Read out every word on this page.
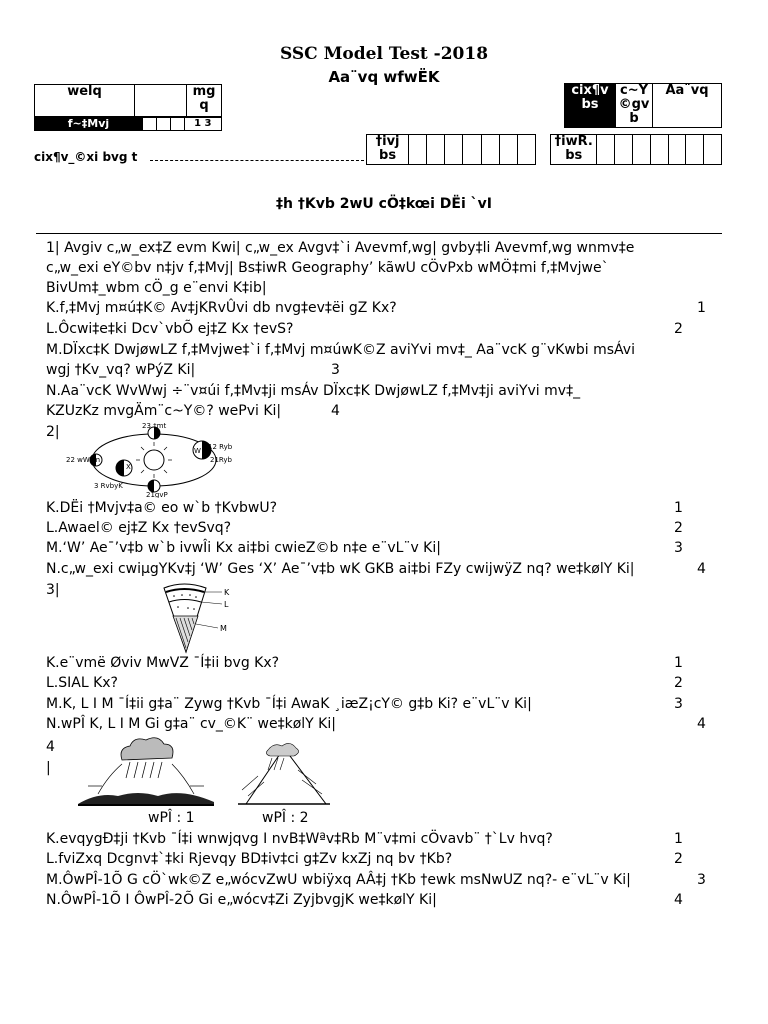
SSC Model Test -2018
Aa¨vq wfwËK
welq		mg q
f~‡Mvj				1 3
cix¶v bs	c~Y ©gv b	Aa¨vq
cix¶v_©xi bvg t
†ivj bs							
†iwR. bs							
‡h †Kvb 2wU cÖ‡kœi DËi `vI
1| Avgiv c„w_ex‡Z evm Kwi| c„w_ex Avgv‡`i Avevmf‚wg| gvby‡li Avevmf‚wg wnmv‡e
c„w_exi eY©bv n‡jv f‚‡Mvj| Bs‡iwR Geography’ kãwU cÖvPxb wMÖ‡mi f‚‡Mvjwe`
BivUm‡_wbm cÖ_g e¨envi K‡ib|
K.f‚‡Mvj m¤ú‡K© Av‡jKRvÛvi db nvg‡ev‡ëi gZ Kx?	1
L.Ôcwi‡e‡ki Dcv`vbÕ ej‡Z Kx †evS?	2
M.DÏxc‡K DwjøwLZ f‚‡Mvjwe‡`i f‚‡Mvj m¤úwK©Z aviYvi mv‡_ Aa¨vcK g¨vKwbi msÁvi
wgj †Kv_vq? wPýZ Ki|	3
N.Aa¨vcK WvWwj ÷¨v¤úi f‚‡Mv‡ji msÁv DÏxc‡K DwjøwLZ f‚‡Mv‡ji aviYvi mv‡_
KZUzKz mvgÄm¨c~Y©? wePvi Ki|	4
2|	23 †mt
12 Ryb
21Ryb
22 wW‡m
W
X
3 RvbyK
21gvP
K.DËi †Mvjv‡a© eo w`b †KvbwU?	1
L.Awael© ej‡Z Kx †evSvq?	2
M.‘W’ Ae¯’v‡b w`b ivwÎi Kx ai‡bi cwieZ©b n‡e e¨vL¨v Ki|	3
N.c„w_exi cwiµgYKv‡j ‘W’ Ges ‘X’ Ae¯’v‡b wK GKB ai‡bi FZy cwijwÿZ nq? we‡kølY Ki|	4
3|	K
L
M
K.e¨vmë Øviv MwVZ ¯Í‡ii bvg Kx?	1
L.SIAL Kx?	2
M.K, L I M ¯Í‡ii g‡a¨ Zywg †Kvb ¯Í‡i AwaK ¸iæZ¡cY© g‡b Ki? e¨vL¨v Ki|	3
N.wPÎ K, L I M Gi g‡a¨ cv_©K¨ we‡kølY Ki|	4
4
|
wPÎ : 1	wPÎ : 2
K.evqygÐ‡ji †Kvb ¯Í‡i wnwjqvg I nvB‡Wªv‡Rb M¨v‡mi cÖvavb¨ †`Lv hvq?	1
L.fviZxq Dcgnv‡`‡ki Rjevqy BD‡iv‡ci g‡Zv kxZj nq bv †Kb?	2
M.ÔwPÎ-1Õ G cÖ`wk©Z e„wócvZwU wbiÿxq AÂ‡j †Kb †ewk msNwUZ nq?- e¨vL¨v Ki|	3
N.ÔwPÎ-1Õ I ÔwPÎ-2Õ Gi e„wócv‡Zi ZyjbvgjK we‡kølY Ki|	4
